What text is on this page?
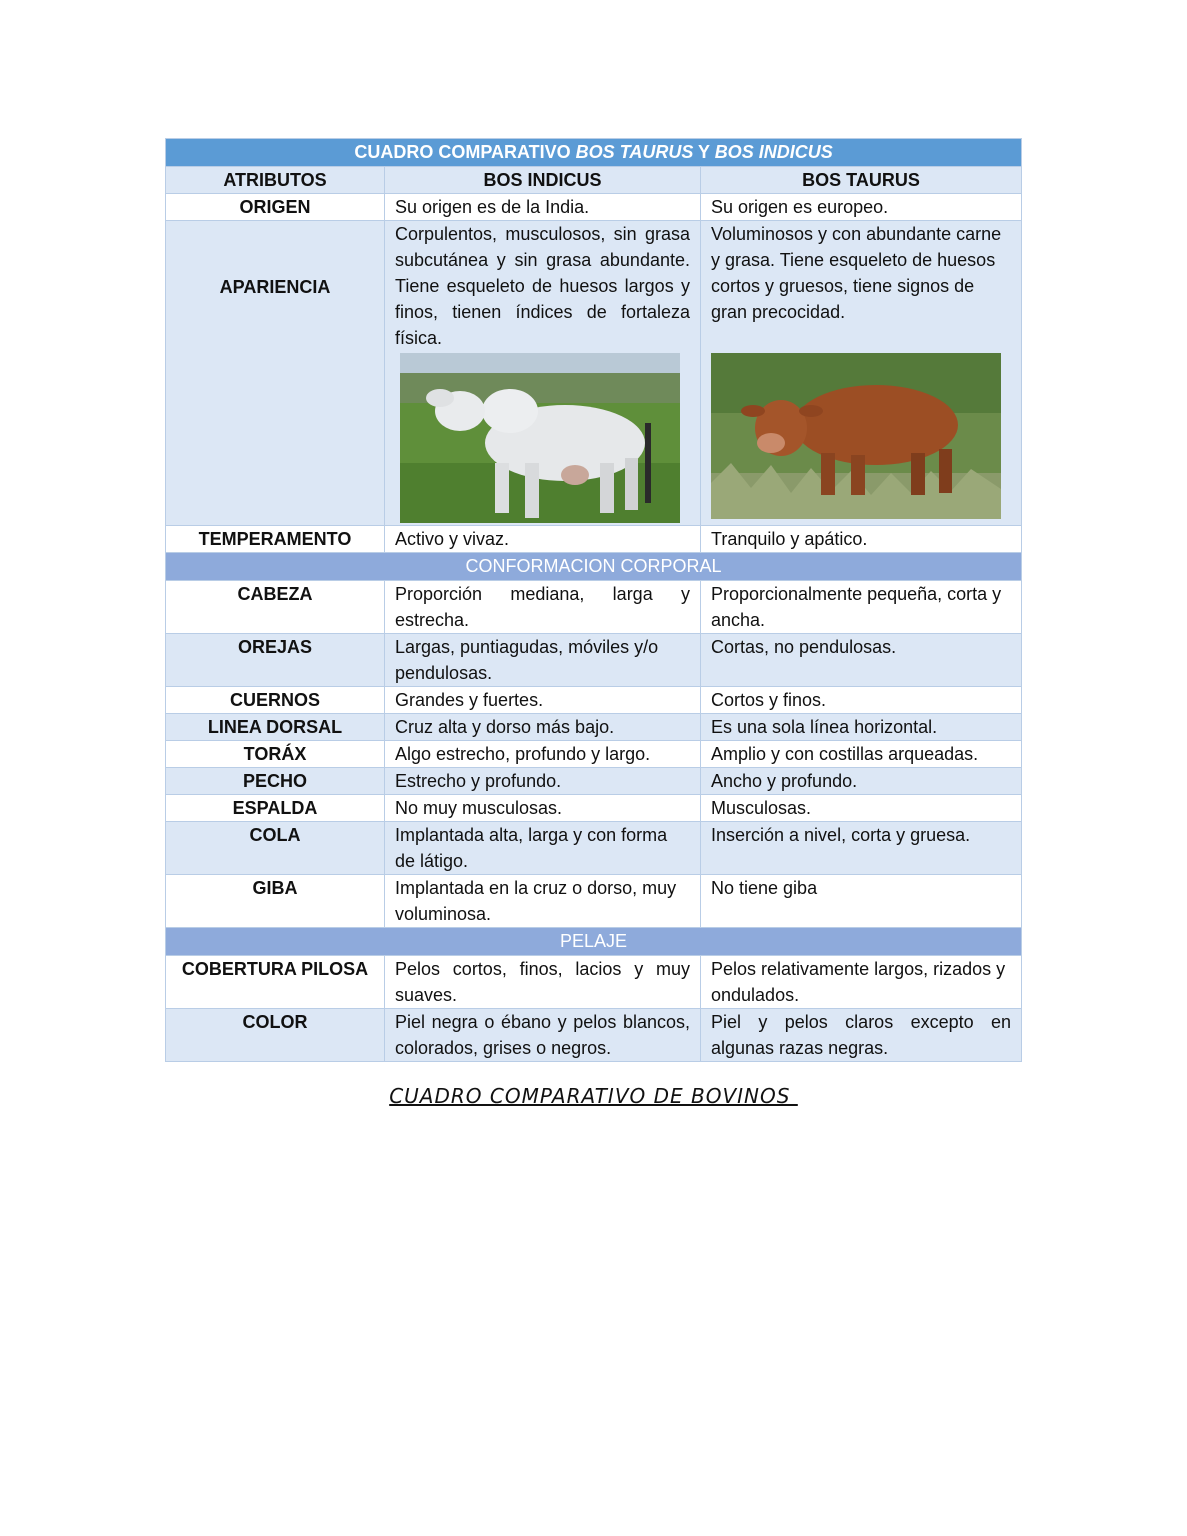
CUADRO COMPARATIVO BOS TAURUS Y BOS INDICUS		
ATRIBUTOS	BOS INDICUS	BOS TAURUS
ORIGEN	Su origen es de la India.	Su origen es europeo.
APARIENCIA	Corpulentos, musculosos, sin grasa subcutánea y sin grasa abundante. Tiene esqueleto de huesos largos y finos, tienen índices de fortaleza física.	Voluminosos y con abundante carne y grasa. Tiene esqueleto de huesos cortos y gruesos, tiene signos de gran precocidad.

TEMPERAMENTO	Activo y vivaz.	Tranquilo y apático.
CONFORMACION CORPORAL		
CABEZA	Proporción mediana, larga y estrecha.	Proporcionalmente pequeña, corta y ancha.
OREJAS	Largas, puntiagudas, móviles y/o pendulosas.	Cortas, no pendulosas.
CUERNOS	Grandes y fuertes.	Cortos y finos.
LINEA DORSAL	Cruz alta y dorso más bajo.	Es una sola línea horizontal.
TORÁX	Algo estrecho, profundo y largo.	Amplio y con costillas arqueadas.
PECHO	Estrecho y profundo.	Ancho y profundo.
ESPALDA	No muy musculosas.	Musculosas.
COLA	Implantada alta, larga y con forma de látigo.	Inserción a nivel, corta y gruesa.
GIBA	Implantada en la cruz o dorso, muy voluminosa.	No tiene giba
PELAJE		
COBERTURA PILOSA	Pelos cortos, finos, lacios y muy suaves.	Pelos relativamente largos, rizados y ondulados.
COLOR	Piel negra o ébano y pelos blancos, colorados, grises o negros.	Piel y pelos claros excepto en algunas razas negras.
CUADRO COMPARATIVO DE BOVINOS
